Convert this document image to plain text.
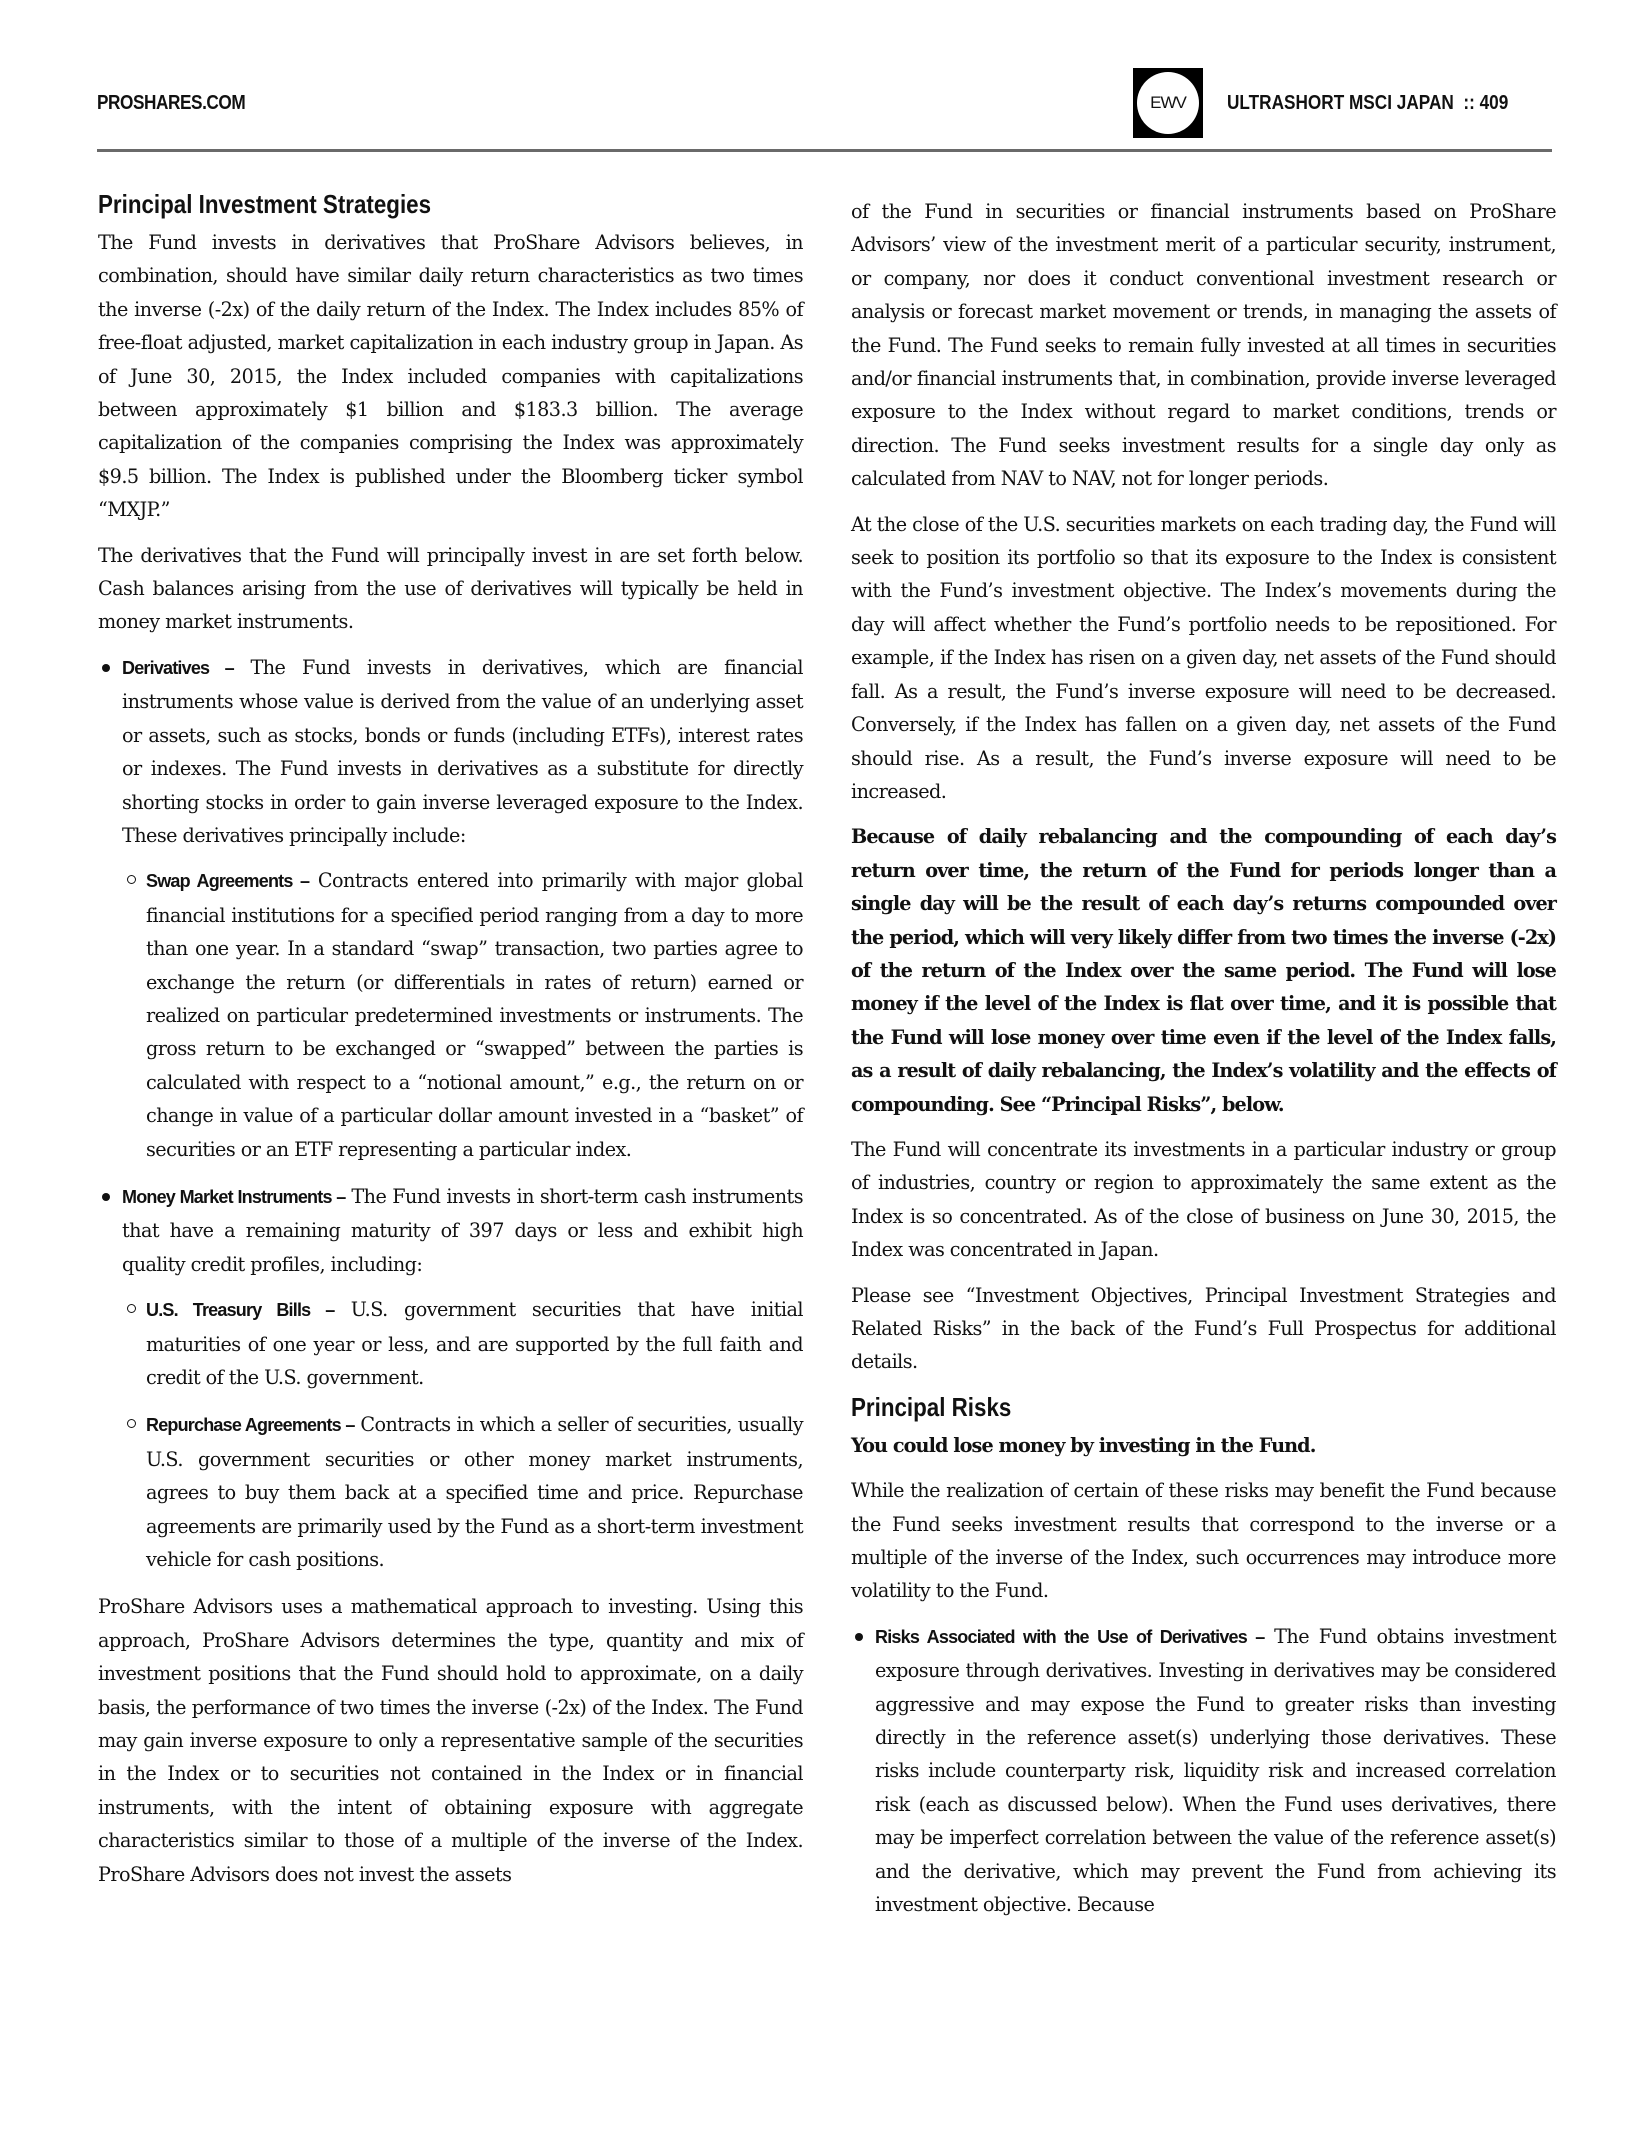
PROSHARES.COM	EWV	ULTRASHORT MSCI JAPAN :: 409
Principal Investment Strategies

The Fund invests in derivatives that ProShare Advisors believes, in combination, should have similar daily return characteristics as two times the inverse (-2x) of the daily return of the Index. The Index includes 85% of free-float adjusted, market capitalization in each industry group in Japan. As of June 30, 2015, the Index included companies with capitalizations between approximately $1 billion and $183.3 billion. The average capitalization of the companies comprising the Index was approximately $9.5 billion. The Index is published under the Bloomberg ticker symbol “MXJP.”

The derivatives that the Fund will principally invest in are set forth below. Cash balances arising from the use of derivatives will typically be held in money market instruments.

Derivatives – The Fund invests in derivatives, which are financial instruments whose value is derived from the value of an underlying asset or assets, such as stocks, bonds or funds (including ETFs), interest rates or indexes. The Fund invests in derivatives as a substitute for directly shorting stocks in order to gain inverse leveraged exposure to the Index. These derivatives principally include:
Swap Agreements – Contracts entered into primarily with major global financial institutions for a specified period ranging from a day to more than one year. In a standard “swap” transaction, two parties agree to exchange the return (or differentials in rates of return) earned or realized on particular predetermined investments or instruments. The gross return to be exchanged or “swapped” between the parties is calculated with respect to a “notional amount,” e.g., the return on or change in value of a particular dollar amount invested in a “basket” of securities or an ETF representing a particular index.
Money Market Instruments – The Fund invests in short-term cash instruments that have a remaining maturity of 397 days or less and exhibit high quality credit profiles, including:
U.S. Treasury Bills – U.S. government securities that have initial maturities of one year or less, and are supported by the full faith and credit of the U.S. government.
Repurchase Agreements – Contracts in which a seller of securities, usually U.S. government securities or other money market instruments, agrees to buy them back at a specified time and price. Repurchase agreements are primarily used by the Fund as a short-term investment vehicle for cash positions.

ProShare Advisors uses a mathematical approach to investing. Using this approach, ProShare Advisors determines the type, quantity and mix of investment positions that the Fund should hold to approximate, on a daily basis, the performance of two times the inverse (-2x) of the Index. The Fund may gain inverse exposure to only a representative sample of the securities in the Index or to securities not contained in the Index or in financial instruments, with the intent of obtaining exposure with aggregate characteristics similar to those of a multiple of the inverse of the Index. ProShare Advisors does not invest the assets

of the Fund in securities or financial instruments based on ProShare Advisors’ view of the investment merit of a particular security, instrument, or company, nor does it conduct conventional investment research or analysis or forecast market movement or trends, in managing the assets of the Fund. The Fund seeks to remain fully invested at all times in securities and/or financial instruments that, in combination, provide inverse leveraged exposure to the Index without regard to market conditions, trends or direction. The Fund seeks investment results for a single day only as calculated from NAV to NAV, not for longer periods.

At the close of the U.S. securities markets on each trading day, the Fund will seek to position its portfolio so that its exposure to the Index is consistent with the Fund’s investment objective. The Index’s movements during the day will affect whether the Fund’s portfolio needs to be repositioned. For example, if the Index has risen on a given day, net assets of the Fund should fall. As a result, the Fund’s inverse exposure will need to be decreased. Conversely, if the Index has fallen on a given day, net assets of the Fund should rise. As a result, the Fund’s inverse exposure will need to be increased.

Because of daily rebalancing and the compounding of each day’s return over time, the return of the Fund for periods longer than a single day will be the result of each day’s returns compounded over the period, which will very likely differ from two times the inverse (-2x) of the return of the Index over the same period. The Fund will lose money if the level of the Index is flat over time, and it is possible that the Fund will lose money over time even if the level of the Index falls, as a result of daily rebalancing, the Index’s volatility and the effects of compounding. See “Principal Risks”, below.

The Fund will concentrate its investments in a particular industry or group of industries, country or region to approximately the same extent as the Index is so concentrated. As of the close of business on June 30, 2015, the Index was concentrated in Japan.

Please see “Investment Objectives, Principal Investment Strategies and Related Risks” in the back of the Fund’s Full Prospectus for additional details.

Principal Risks

You could lose money by investing in the Fund.

While the realization of certain of these risks may benefit the Fund because the Fund seeks investment results that correspond to the inverse or a multiple of the inverse of the Index, such occurrences may introduce more volatility to the Fund.

Risks Associated with the Use of Derivatives – The Fund obtains investment exposure through derivatives. Investing in derivatives may be considered aggressive and may expose the Fund to greater risks than investing directly in the reference asset(s) underlying those derivatives. These risks include counterparty risk, liquidity risk and increased correlation risk (each as discussed below). When the Fund uses derivatives, there may be imperfect correlation between the value of the reference asset(s) and the derivative, which may prevent the Fund from achieving its investment objective. Because
